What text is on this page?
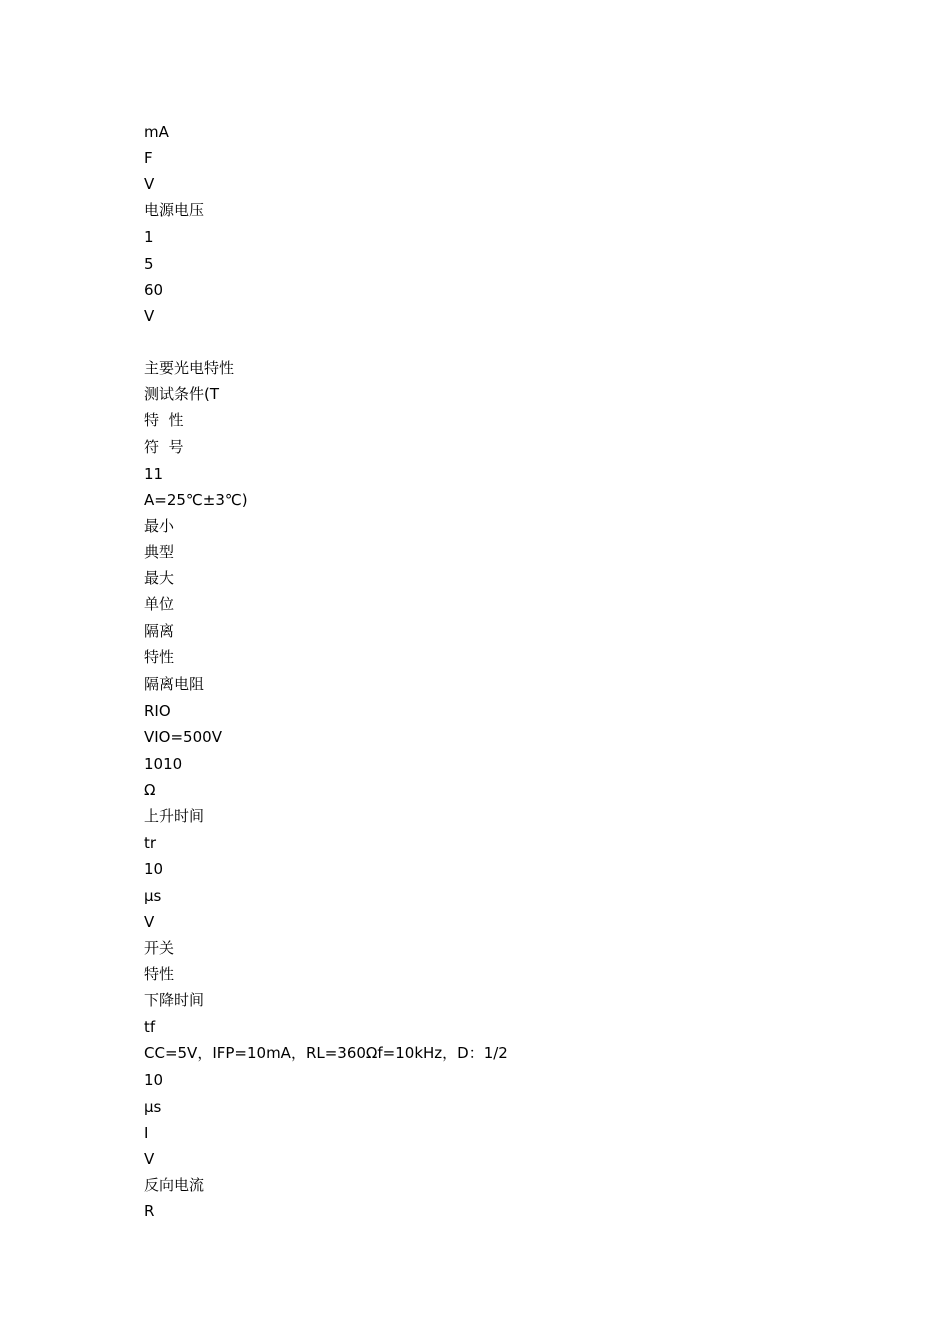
mA
F
V
电源电压
1
5
60
V
主要光电特性
测试条件(T
特  性
符  号
11
A=25℃±3℃)
最小
典型
最大
单位
隔离
特性
隔离电阻
RIO
VIO=500V
1010
Ω
上升时间
tr
10
μs
V
开关
特性
下降时间
tf
CC=5V，IFP=10mA，RL=360Ωf=10kHz，D：1/2
10
μs
I
V
反向电流
R
